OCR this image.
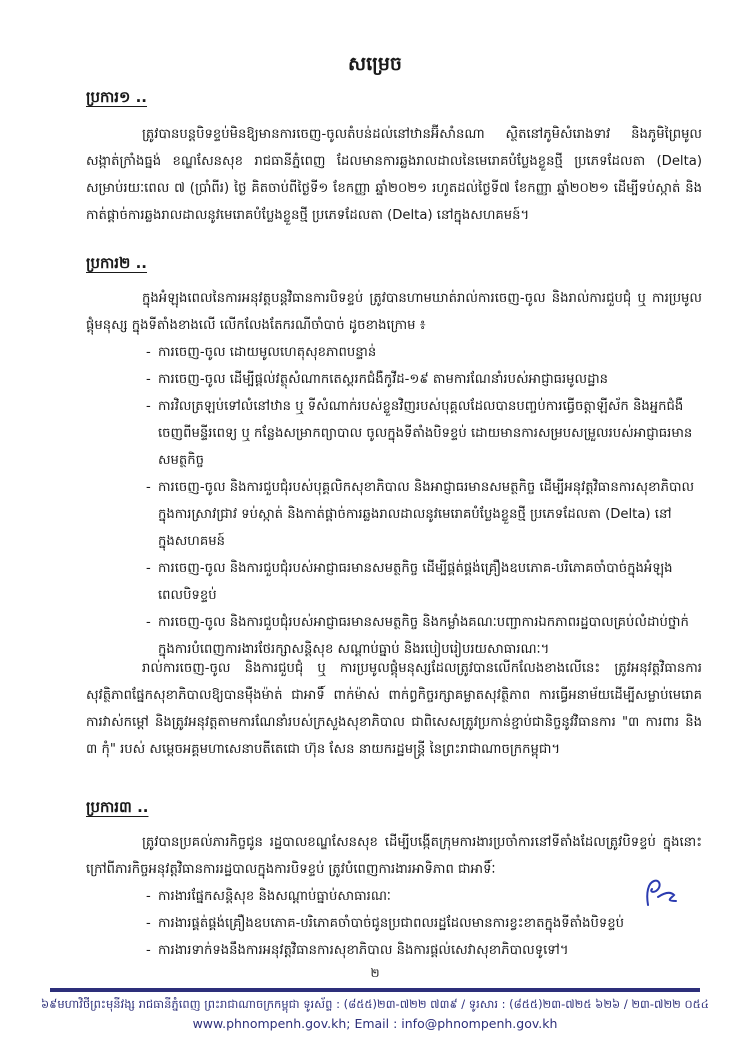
សម្រេច
ប្រការ១ ..

ត្រូវបានបន្តបិទខ្ទប់មិនឱ្យមានការចេញ-ចូលតំបន់ដល់នៅឋានអ៊ីសាំនណា ស្ថិតនៅភូមិសំរោងទាវ និងភូមិព្រៃមូល សង្កាត់ក្រាំងធ្នង់ ខណ្ឌសែនសុខ រាជធានីភ្នំពេញ ដែលមានការឆ្លងរាលដាលនៃមេរោគបំប្លែងខ្លួនថ្មី ប្រភេទដែលតា (Delta) សម្រាប់រយៈពេល ៧ (ប្រាំពីរ) ថ្ងៃ គិតចាប់ពីថ្ងៃទី១ ខែកញ្ញា ឆ្នាំ២០២១ រហូតដល់ថ្ងៃទី៧ ខែកញ្ញា ឆ្នាំ២០២១ ដើម្បីទប់ស្កាត់ និងកាត់ផ្តាច់ការឆ្លងរាលដាលនូវមេរោគបំប្លែងខ្លួនថ្មី ប្រភេទដែលតា (Delta) នៅក្នុងសហគមន៍។

ប្រការ២ ..

ក្នុងអំឡុងពេលនៃការអនុវត្តបន្តវិធានការបិទខ្ទប់ ត្រូវបានហាមឃាត់រាល់ការចេញ-ចូល និងរាល់ការជួបជុំ ឬ ការប្រមូលផ្តុំមនុស្ស ក្នុងទីតាំងខាងលើ លើកលែងតែករណីចាំបាច់ ដូចខាងក្រោម ៖

- ការចេញ-ចូល ដោយមូលហេតុសុខភាពបន្ទាន់
- ការចេញ-ចូល ដើម្បីផ្តល់វត្ថុសំណាកតេស្តរកជំងឺកូវីដ-១៩ តាមការណែនាំរបស់អាជ្ញាធរមូលដ្ឋាន
- ការវិលត្រឡប់ទៅលំនៅឋាន ឬ ទីសំណាក់របស់ខ្លួនវិញរបស់បុគ្គលដែលបានបញ្ចប់ការធ្វើចត្តាឡីស័ក និងអ្នកជំងឺចេញពីមន្ទីរពេទ្យ ឬ កន្លែងសម្រាកព្យាបាល ចូលក្នុងទីតាំងបិទខ្ទប់ ដោយមានការសម្របសម្រួលរបស់អាជ្ញាធរមានសមត្ថកិច្ច
- ការចេញ-ចូល និងការជួបជុំរបស់បុគ្គលិកសុខាភិបាល និងអាជ្ញាធរមានសមត្ថកិច្ច ដើម្បីអនុវត្តវិធានការសុខាភិបាល ក្នុងការស្រាវជ្រាវ ទប់ស្កាត់ និងកាត់ផ្តាច់ការឆ្លងរាលដាលនូវមេរោគបំប្លែងខ្លួនថ្មី ប្រភេទដែលតា (Delta) នៅក្នុងសហគមន៍
- ការចេញ-ចូល និងការជួបជុំរបស់អាជ្ញាធរមានសមត្ថកិច្ច ដើម្បីផ្គត់ផ្គង់គ្រឿងឧបភោគ-បរិភោគចាំបាច់ក្នុងអំឡុងពេលបិទខ្ទប់
- ការចេញ-ចូល និងការជួបជុំរបស់អាជ្ញាធរមានសមត្ថកិច្ច និងកម្លាំងគណៈបញ្ជាការឯកភាពរដ្ឋបាលគ្រប់លំដាប់ថ្នាក់ ក្នុងការបំពេញការងារថែរក្សាសន្តិសុខ សណ្តាប់ធ្នាប់ និងរបៀបរៀបរយសាធារណៈ។

រាល់ការចេញ-ចូល និងការជួបជុំ ឬ ការប្រមូលផ្តុំមនុស្សដែលត្រូវបានលើកលែងខាងលើនេះ ត្រូវអនុវត្តវិធានការសុវត្ថិភាពផ្នែកសុខាភិបាលឱ្យបានម៉ឺងម៉ាត់ ជាអាទិ៍ ពាក់ម៉ាស់ ពាក់ព្វកិច្ចរក្សាគម្លាតសុវត្ថិភាព ការធ្វើអនាម័យដើម្បីសម្លាប់មេរោគ ការវាស់កម្តៅ និងត្រូវអនុវត្តតាមការណែនាំរបស់ក្រសួងសុខាភិបាល ជាពិសេសត្រូវប្រកាន់ខ្ជាប់ជានិច្ចនូវវិធានការ "៣ ការពារ និង ៣ កុំ" របស់ សម្តេចអគ្គមហាសេនាបតីតេជោ ហ៊ុន សែន នាយករដ្ឋមន្ត្រី នៃព្រះរាជាណាចក្រកម្ពុជា។

ប្រការ៣ ..

ត្រូវបានប្រគល់ភារកិច្ចជូន រដ្ឋបាលខណ្ឌសែនសុខ ដើម្បីបង្កើតក្រុមការងារប្រចាំការនៅទីតាំងដែលត្រូវបិទខ្ទប់ ក្នុងនោះ ក្រៅពីភារកិច្ចអនុវត្តវិធានការរដ្ឋបាលក្នុងការបិទខ្ទប់ ត្រូវបំពេញការងារអាទិភាព ជាអាទិ៍ៈ

- ការងារផ្នែកសន្តិសុខ និងសណ្តាប់ធ្នាប់សាធារណៈ
- ការងារផ្គត់ផ្គង់គ្រឿងឧបភោគ-បរិភោគចាំបាច់ជូនប្រជាពលរដ្ឋដែលមានការខ្វះខាតក្នុងទីតាំងបិទខ្ទប់
- ការងារទាក់ទងនឹងការអនុវត្តវិធានការសុខាភិបាល និងការផ្តល់សេវាសុខាភិបាលទូទៅ។
២
៦៩មហាវិថីព្រះមុនីវង្ស រាជធានីភ្នំពេញ ព្រះរាជាណាចក្រកម្ពុជា ទូរស័ព្ទ : (៨៥៥)២៣-៧២២ ៧៣៩ / ទូរសារ : (៨៥៥)២៣-៧២៥ ៦២៦ / ២៣-៧២២ ០៥៤
www.phnompenh.gov.kh; Email : info@phnompenh.gov.kh
